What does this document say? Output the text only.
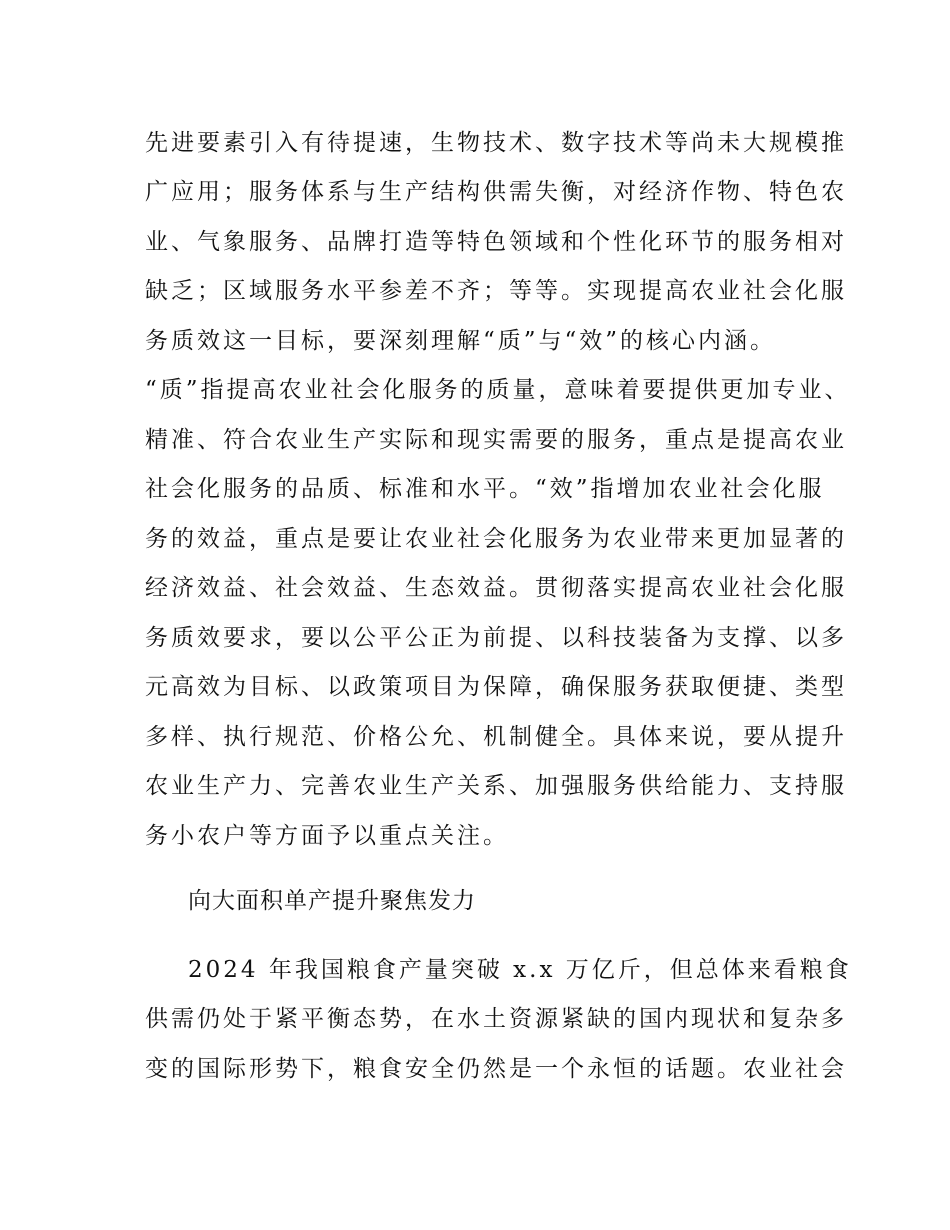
先进要素引入有待提速，生物技术、数字技术等尚未大规模推
广应用；服务体系与生产结构供需失衡，对经济作物、特色农
业、气象服务、品牌打造等特色领域和个性化环节的服务相对
缺乏；区域服务水平参差不齐；等等。实现提高农业社会化服
务质效这一目标，要深刻理解“质”与“效”的核心内涵。
“质”指提高农业社会化服务的质量，意味着要提供更加专业、
精准、符合农业生产实际和现实需要的服务，重点是提高农业
社会化服务的品质、标准和水平。“效”指增加农业社会化服
务的效益，重点是要让农业社会化服务为农业带来更加显著的
经济效益、社会效益、生态效益。贯彻落实提高农业社会化服
务质效要求，要以公平公正为前提、以科技装备为支撑、以多
元高效为目标、以政策项目为保障，确保服务获取便捷、类型
多样、执行规范、价格公允、机制健全。具体来说，要从提升
农业生产力、完善农业生产关系、加强服务供给能力、支持服
务小农户等方面予以重点关注。
向大面积单产提升聚焦发力
2024 年我国粮食产量突破 x.x 万亿斤，但总体来看粮食
供需仍处于紧平衡态势，在水土资源紧缺的国内现状和复杂多
变的国际形势下，粮食安全仍然是一个永恒的话题。农业社会
